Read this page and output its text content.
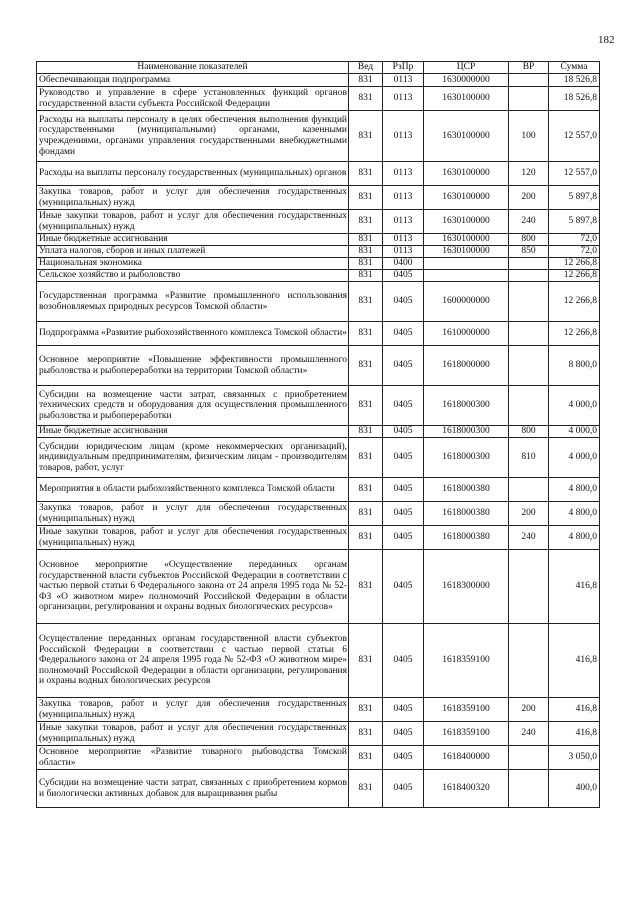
182
Наименование показателей	Вед	РзПр	ЦСР	ВР	Сумма
Обеспечивающая подпрограмма	831	0113	1630000000		18 526,8
Руководство и управление в сфере установленных функций органов государственной власти субъекта Российской Федерации	831	0113	1630100000		18 526,8
Расходы на выплаты персоналу в целях обеспечения выполнения функций государственными (муниципальными) органами, казенными учреждениями, органами управления государственными внебюджетными фондами	831	0113	1630100000	100	12 557,0
Расходы на выплаты персоналу государственных (муниципальных) органов	831	0113	1630100000	120	12 557,0
Закупка товаров, работ и услуг для обеспечения государственных (муниципальных) нужд	831	0113	1630100000	200	5 897,8
Иные закупки товаров, работ и услуг для обеспечения государственных (муниципальных) нужд	831	0113	1630100000	240	5 897,8
Иные бюджетные ассигнования	831	0113	1630100000	800	72,0
Уплата налогов, сборов и иных платежей	831	0113	1630100000	850	72,0
Национальная экономика	831	0400			12 266,8
Сельское хозяйство и рыболовство	831	0405			12 266,8
Государственная программа «Развитие промышленного использования возобновляемых природных ресурсов Томской области»	831	0405	1600000000		12 266,8
Подпрограмма «Развитие рыбохозяйственного комплекса Томской области»	831	0405	1610000000		12 266,8
Основное мероприятие «Повышение эффективности промышленного рыболовства и рыбопереработки на территории Томской области»	831	0405	1618000000		8 800,0
Субсидии на возмещение части затрат, связанных с приобретением технических средств и оборудования для осуществления промышленного рыболовства и рыбопереработки	831	0405	1618000300		4 000,0
Иные бюджетные ассигнования	831	0405	1618000300	800	4 000,0
Субсидии юридическим лицам (кроме некоммерческих организаций), индивидуальным предпринимателям, физическим лицам - производителям товаров, работ, услуг	831	0405	1618000300	810	4 000,0
Мероприятия в области рыбохозяйственного комплекса Томской области	831	0405	1618000380		4 800,0
Закупка товаров, работ и услуг для обеспечения государственных (муниципальных) нужд	831	0405	1618000380	200	4 800,0
Иные закупки товаров, работ и услуг для обеспечения государственных (муниципальных) нужд	831	0405	1618000380	240	4 800,0
Основное мероприятие «Осуществление переданных органам государственной власти субъектов Российской Федерации в соответствии с частью первой статьи 6 Федерального закона от 24 апреля 1995 года № 52-ФЗ «О животном мире» полномочий Российской Федерации в области организации, регулирования и охраны водных биологических ресурсов»	831	0405	1618300000		416,8
Осуществление переданных органам государственной власти субъектов Российской Федерации в соответствии с частью первой статьи 6 Федерального закона от 24 апреля 1995 года № 52-ФЗ «О животном мире» полномочий Российской Федерации в области организации, регулирования и охраны водных биологических ресурсов	831	0405	1618359100		416,8
Закупка товаров, работ и услуг для обеспечения государственных (муниципальных) нужд	831	0405	1618359100	200	416,8
Иные закупки товаров, работ и услуг для обеспечения государственных (муниципальных) нужд	831	0405	1618359100	240	416,8
Основное мероприятие «Развитие товарного рыбоводства Томской области»	831	0405	1618400000		3 050,0
Субсидии на возмещение части затрат, связанных с приобретением кормов и биологически активных добавок для выращивания рыбы	831	0405	1618400320		400,0
